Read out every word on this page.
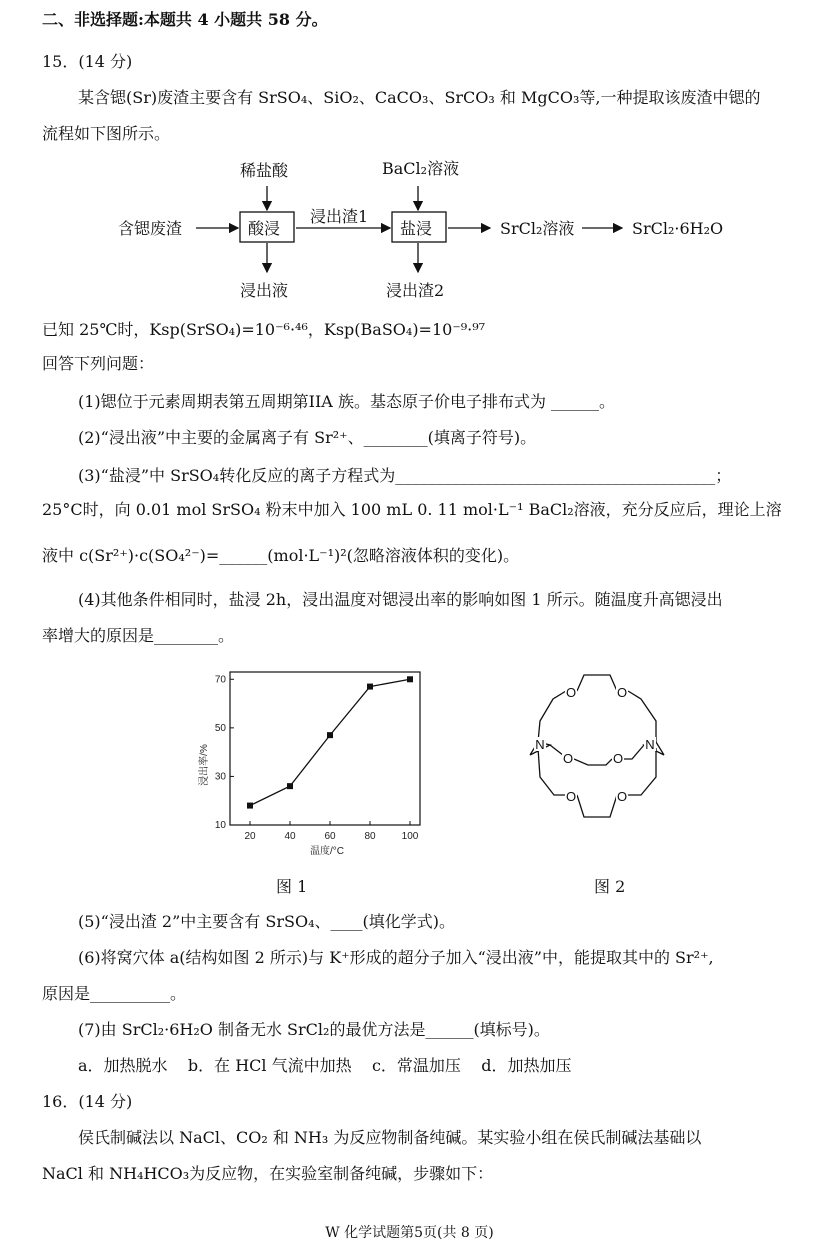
二、非选择题:本题共 4 小题共 58 分。
15．(14 分)
某含锶(Sr)废渣主要含有 SrSO₄、SiO₂、CaCO₃、SrCO₃ 和 MgCO₃等,一种提取该废渣中锶的
流程如下图所示。
稀盐酸	BaCl₂溶液
含锶废渣	酸浸
浸出渣1
盐浸	SrCl₂溶液	SrCl₂·6H₂O
浸出液	浸出渣2
已知 25℃时，Ksp(SrSO₄)=10⁻⁶·⁴⁶，Ksp(BaSO₄)=10⁻⁹·⁹⁷
回答下列问题：
(1)锶位于元素周期表第五周期第IIA 族。基态原子价电子排布式为 ______。
(2)“浸出液”中主要的金属离子有 Sr²⁺、________(填离子符号)。
(3)“盐浸”中 SrSO₄转化反应的离子方程式为________________________________________；
25°C时，向 0.01 mol SrSO₄ 粉末中加入 100 mL 0. 11 mol·L⁻¹ BaCl₂溶液，充分反应后，理论上溶
液中 c(Sr²⁺)·c(SO₄²⁻)=______(mol·L⁻¹)²(忽略溶液体积的变化)。
(4)其他条件相同时，盐浸 2h，浸出温度对锶浸出率的影响如图 1 所示。随温度升高锶浸出
率增大的原因是________。
20	40	60	80	100
10
30
50
70
浸出率/%
温度/°C
图 1
O	O
O	O
O	O
N	N
图 2
(5)“浸出渣 2”中主要含有 SrSO₄、____(填化学式)。
(6)将窝穴体 a(结构如图 2 所示)与 K⁺形成的超分子加入“浸出液”中，能提取其中的 Sr²⁺,
原因是__________。
(7)由 SrCl₂·6H₂O 制备无水 SrCl₂的最优方法是______(填标号)。
a．加热脱水    b．在 HCl 气流中加热    c．常温加压    d．加热加压
16．(14 分)
侯氏制碱法以 NaCl、CO₂ 和 NH₃ 为反应物制备纯碱。某实验小组在侯氏制碱法基础以
NaCl 和 NH₄HCO₃为反应物，在实验室制备纯碱，步骤如下：
W 化学试题第5页(共 8 页)
